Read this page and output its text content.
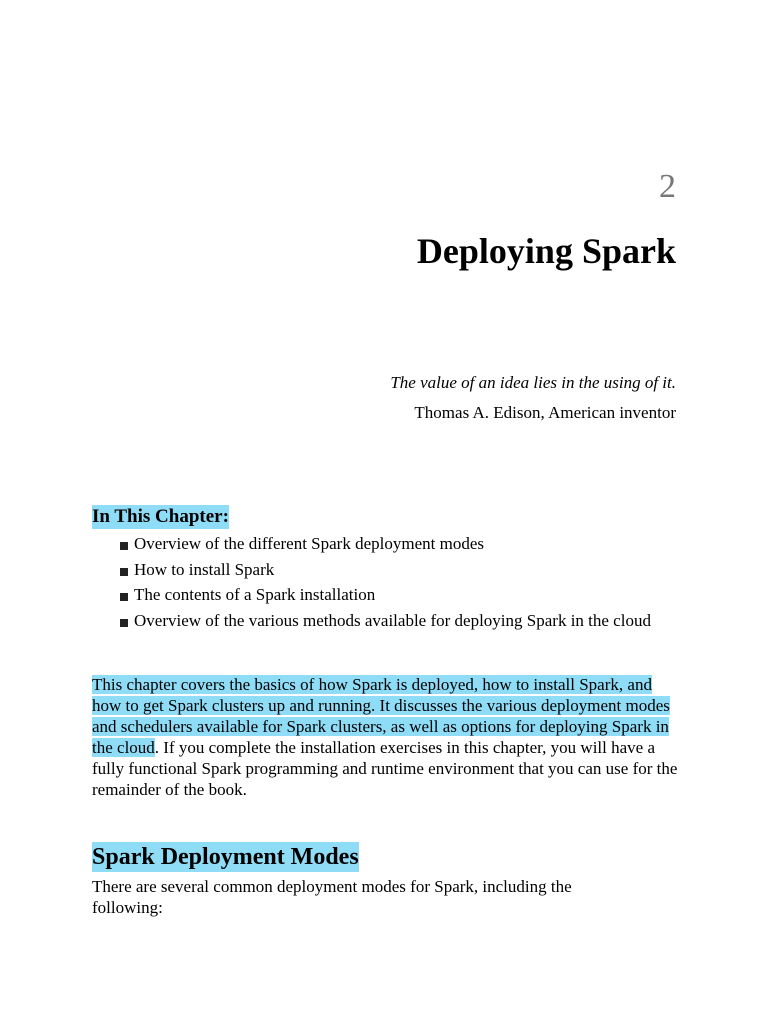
2
Deploying Spark
The value of an idea lies in the using of it.
Thomas A. Edison, American inventor
In This Chapter:
Overview of the different Spark deployment modes
How to install Spark
The contents of a Spark installation
Overview of the various methods available for deploying Spark in the cloud

This chapter covers the basics of how Spark is deployed, how to install Spark, and how to get Spark clusters up and running. It discusses the various deployment modes and schedulers available for Spark clusters, as well as options for deploying Spark in the cloud. If you complete the installation exercises in this chapter, you will have a fully functional Spark programming and runtime environment that you can use for the remainder of the book.

Spark Deployment Modes

There are several common deployment modes for Spark, including the following:
